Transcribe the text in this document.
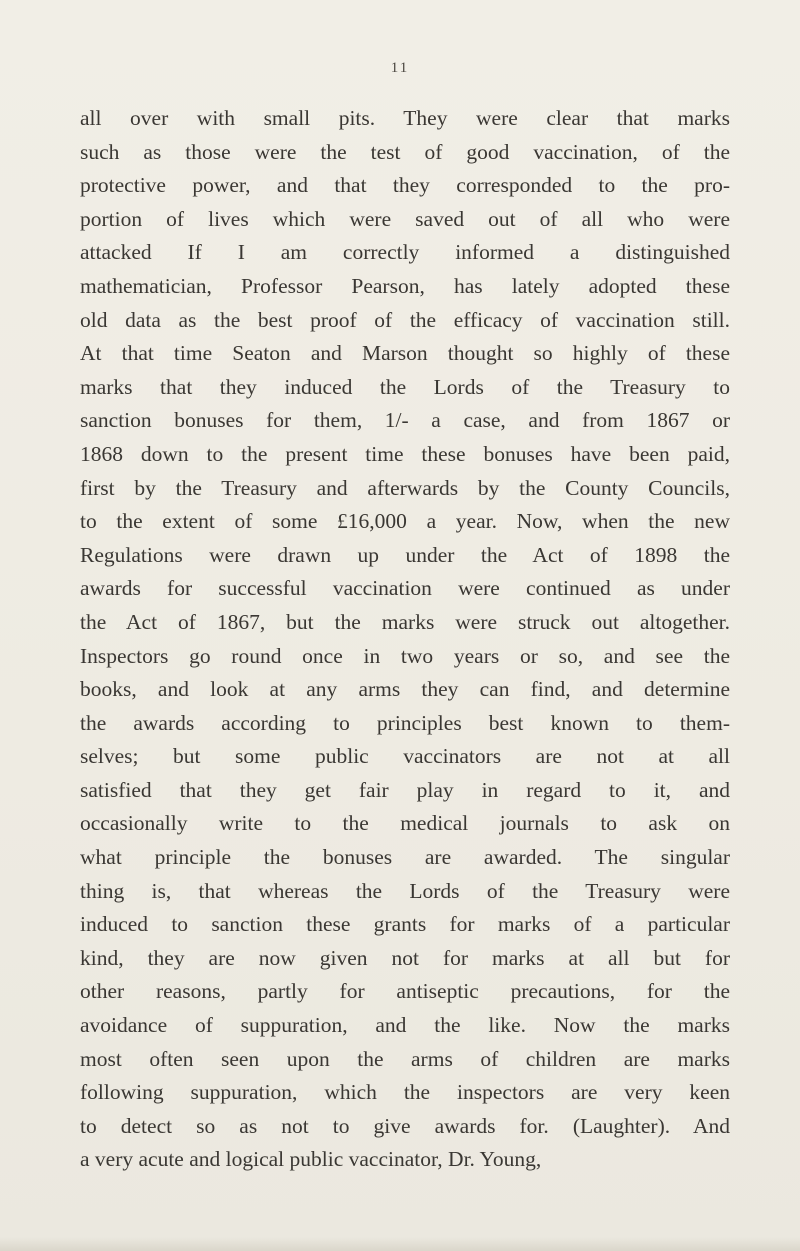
11
all over with small pits. They were clear that marks
such as those were the test of good vaccination, of the
protective power, and that they corresponded to the pro-
portion of lives which were saved out of all who were
attacked If I am correctly informed a distinguished
mathematician, Professor Pearson, has lately adopted these
old data as the best proof of the efficacy of vaccination still.
At that time Seaton and Marson thought so highly of these
marks that they induced the Lords of the Treasury to
sanction bonuses for them, 1/- a case, and from 1867 or
1868 down to the present time these bonuses have been paid,
first by the Treasury and afterwards by the County Councils,
to the extent of some £16,000 a year. Now, when the new
Regulations were drawn up under the Act of 1898 the
awards for successful vaccination were continued as under
the Act of 1867, but the marks were struck out altogether.
Inspectors go round once in two years or so, and see the
books, and look at any arms they can find, and determine
the awards according to principles best known to them-
selves; but some public vaccinators are not at all
satisfied that they get fair play in regard to it, and
occasionally write to the medical journals to ask on
what principle the bonuses are awarded. The singular
thing is, that whereas the Lords of the Treasury were
induced to sanction these grants for marks of a particular
kind, they are now given not for marks at all but for
other reasons, partly for antiseptic precautions, for the
avoidance of suppuration, and the like. Now the marks
most often seen upon the arms of children are marks
following suppuration, which the inspectors are very keen
to detect so as not to give awards for. (Laughter). And
a very acute and logical public vaccinator, Dr. Young,
